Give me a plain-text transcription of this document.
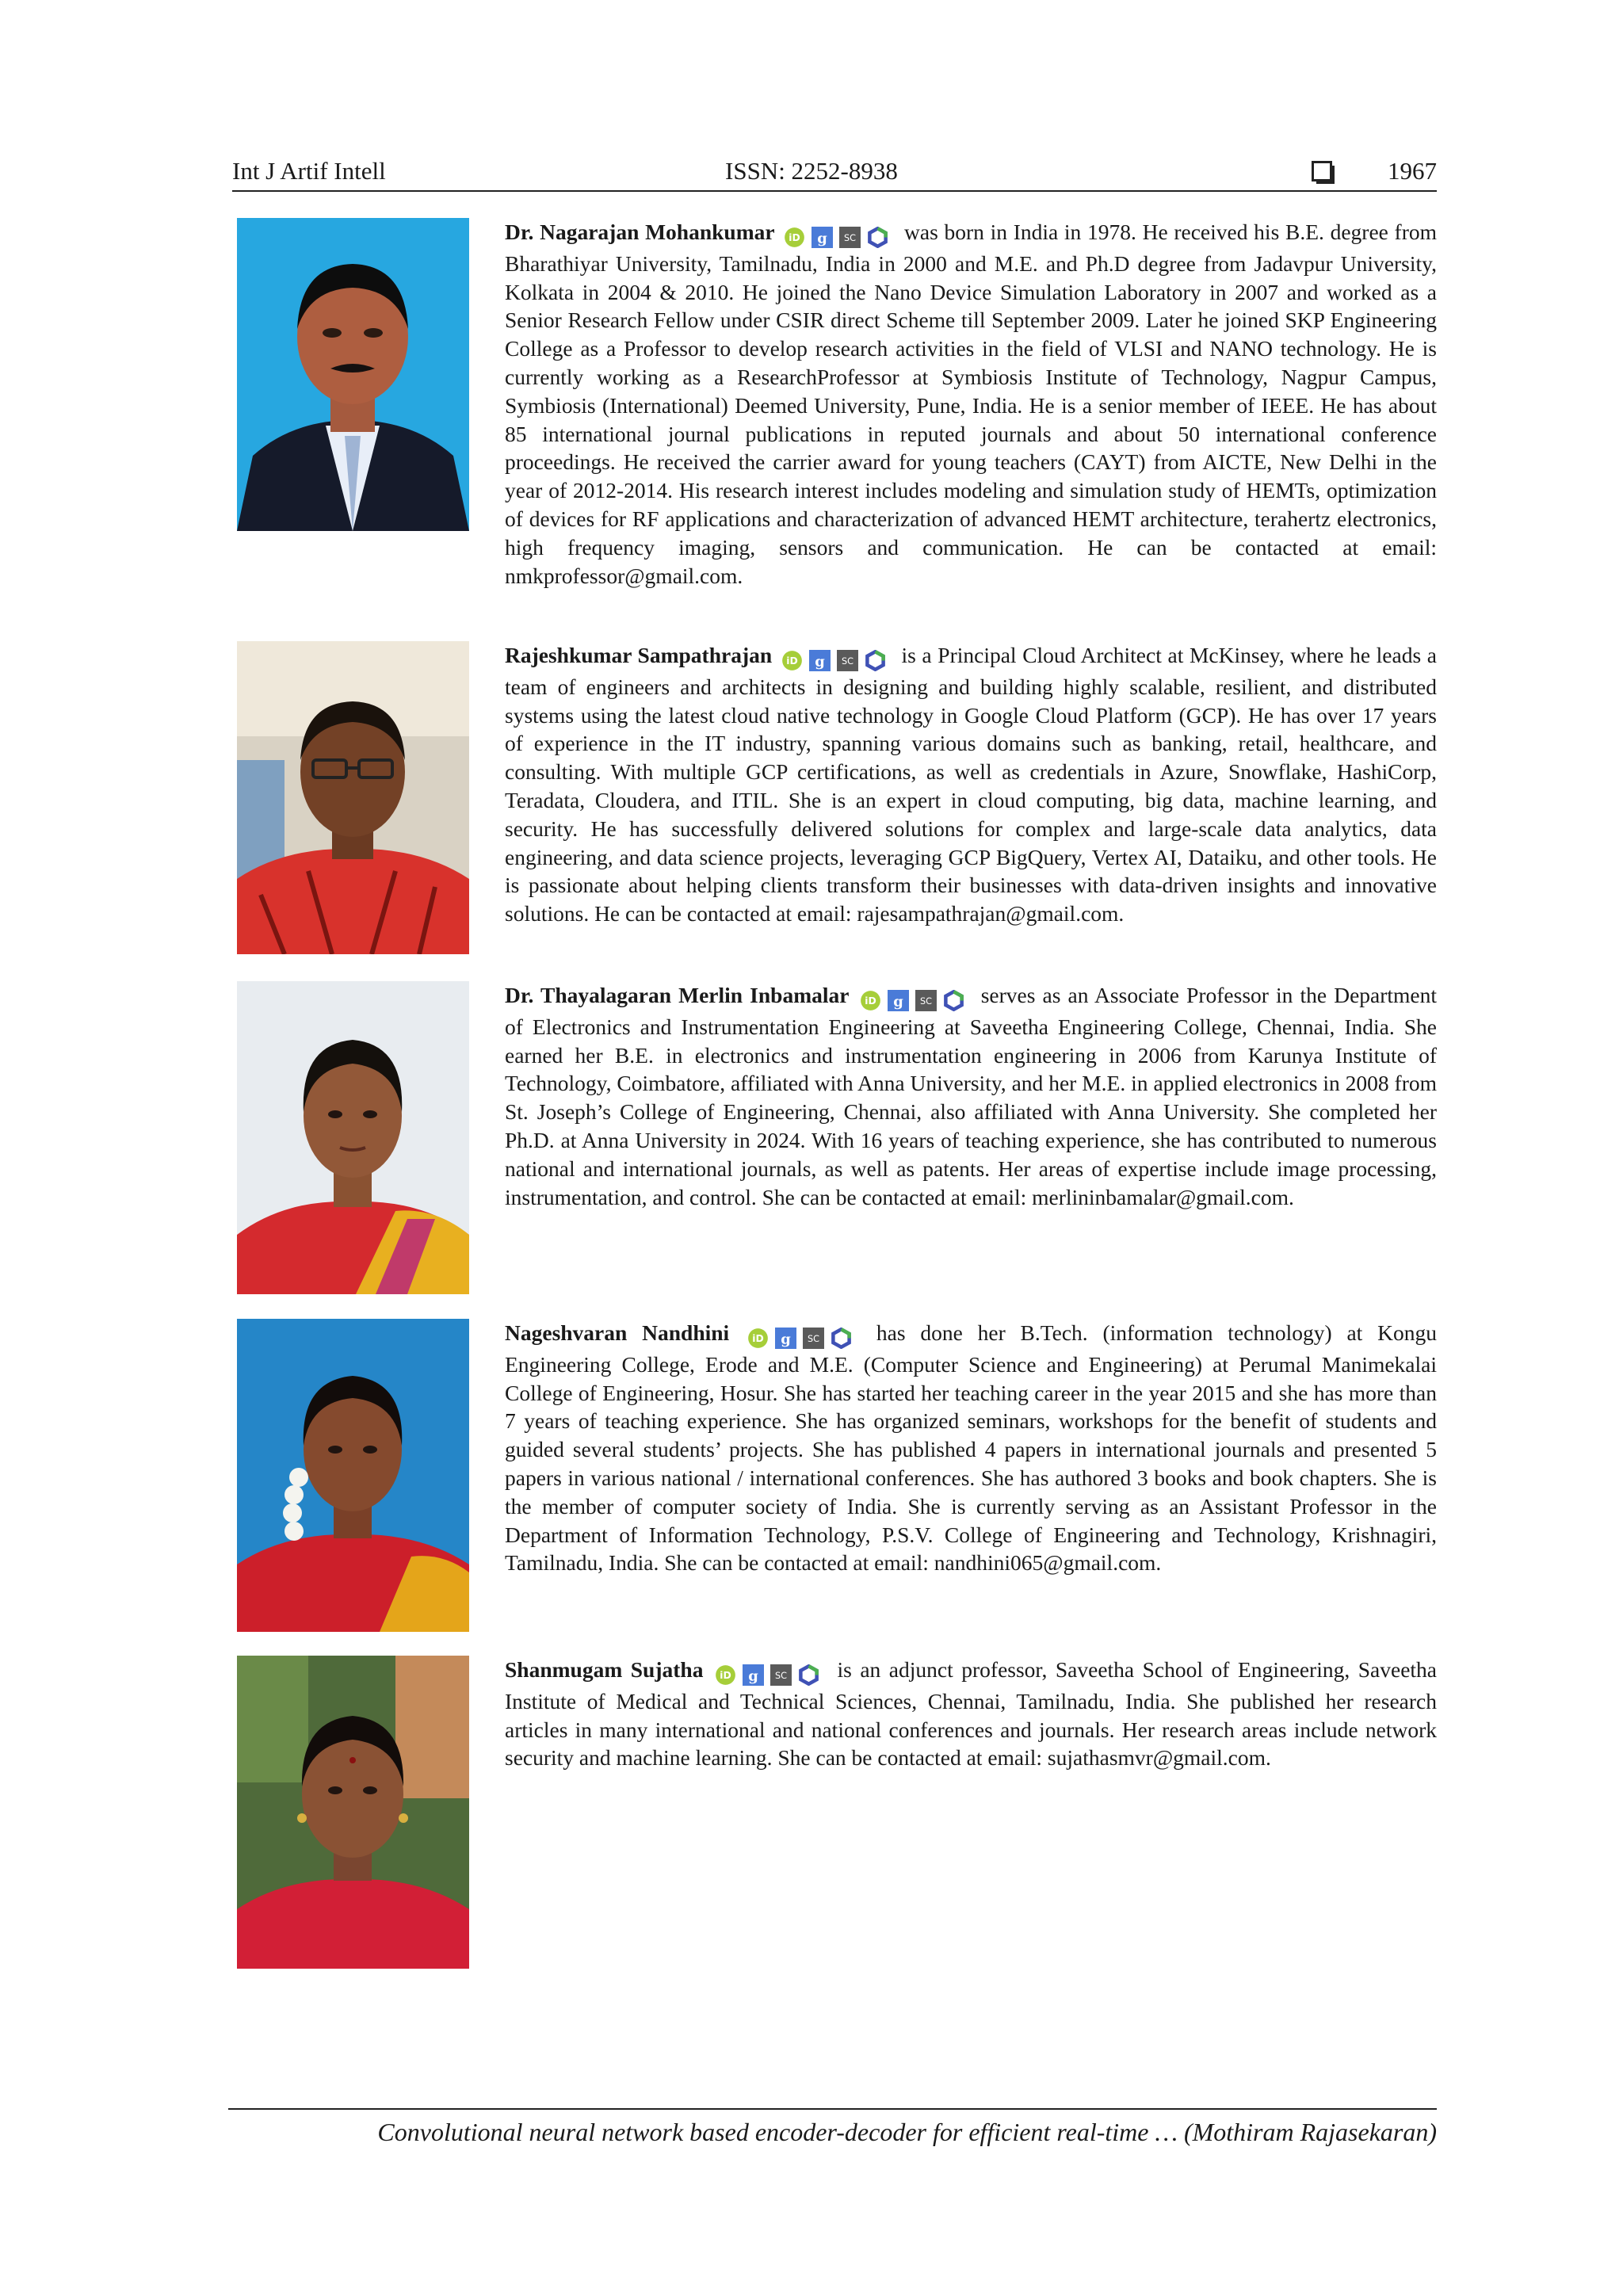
Int J Artif Intell	ISSN: 2252-8938	1967
Dr. Nagarajan Mohankumar iD g SC was born in India in 1978. He received his B.E. degree from Bharathiyar University, Tamilnadu, India in 2000 and M.E. and Ph.D degree from Jadavpur University, Kolkata in 2004 & 2010. He joined the Nano Device Simulation Laboratory in 2007 and worked as a Senior Research Fellow under CSIR direct Scheme till September 2009. Later he joined SKP Engineering College as a Professor to develop research activities in the field of VLSI and NANO technology. He is currently working as a ResearchProfessor at Symbiosis Institute of Technology, Nagpur Campus, Symbiosis (International) Deemed University, Pune, India. He is a senior member of IEEE. He has about 85 international journal publications in reputed journals and about 50 international conference proceedings. He received the carrier award for young teachers (CAYT) from AICTE, New Delhi in the year of 2012-2014. His research interest includes modeling and simulation study of HEMTs, optimization of devices for RF applications and characterization of advanced HEMT architecture, terahertz electronics, high frequency imaging, sensors and communication. He can be contacted at email: nmkprofessor@gmail.com.
Rajeshkumar Sampathrajan iD g SC is a Principal Cloud Architect at McKinsey, where he leads a team of engineers and architects in designing and building highly scalable, resilient, and distributed systems using the latest cloud native technology in Google Cloud Platform (GCP). He has over 17 years of experience in the IT industry, spanning various domains such as banking, retail, healthcare, and consulting. With multiple GCP certifications, as well as credentials in Azure, Snowflake, HashiCorp, Teradata, Cloudera, and ITIL. She is an expert in cloud computing, big data, machine learning, and security. He has successfully delivered solutions for complex and large-scale data analytics, data engineering, and data science projects, leveraging GCP BigQuery, Vertex AI, Dataiku, and other tools. He is passionate about helping clients transform their businesses with data-driven insights and innovative solutions. He can be contacted at email: rajesampathrajan@gmail.com.
Dr. Thayalagaran Merlin Inbamalar iD g SC serves as an Associate Professor in the Department of Electronics and Instrumentation Engineering at Saveetha Engineering College, Chennai, India. She earned her B.E. in electronics and instrumentation engineering in 2006 from Karunya Institute of Technology, Coimbatore, affiliated with Anna University, and her M.E. in applied electronics in 2008 from St. Joseph’s College of Engineering, Chennai, also affiliated with Anna University. She completed her Ph.D. at Anna University in 2024. With 16 years of teaching experience, she has contributed to numerous national and international journals, as well as patents. Her areas of expertise include image processing, instrumentation, and control. She can be contacted at email: merlininbamalar@gmail.com.
Nageshvaran Nandhini	iD g SC	has done her B.Tech. (information technology) at Kongu Engineering College, Erode and M.E. (Computer Science and Engineering) at Perumal Manimekalai College of Engineering, Hosur. She has started her teaching career in the year 2015 and she has more than 7 years of teaching experience. She has organized seminars, workshops for the benefit of students and guided several students’ projects. She has published 4 papers in international journals and presented 5 papers in various national / international conferences. She has authored 3 books and book chapters. She is the member of computer society of India. She is currently serving as an Assistant Professor in the Department of Information Technology, P.S.V. College of Engineering and Technology, Krishnagiri, Tamilnadu, India. She can be contacted at email: nandhini065@gmail.com.
Shanmugam Sujatha iD g SC is an adjunct professor, Saveetha School of Engineering, Saveetha Institute of Medical and Technical Sciences, Chennai, Tamilnadu, India. She published her research articles in many international and national conferences and journals. Her research areas include network security and machine learning. She can be contacted at email: sujathasmvr@gmail.com.
Convolutional neural network based encoder-decoder for efficient real-time … (Mothiram Rajasekaran)
